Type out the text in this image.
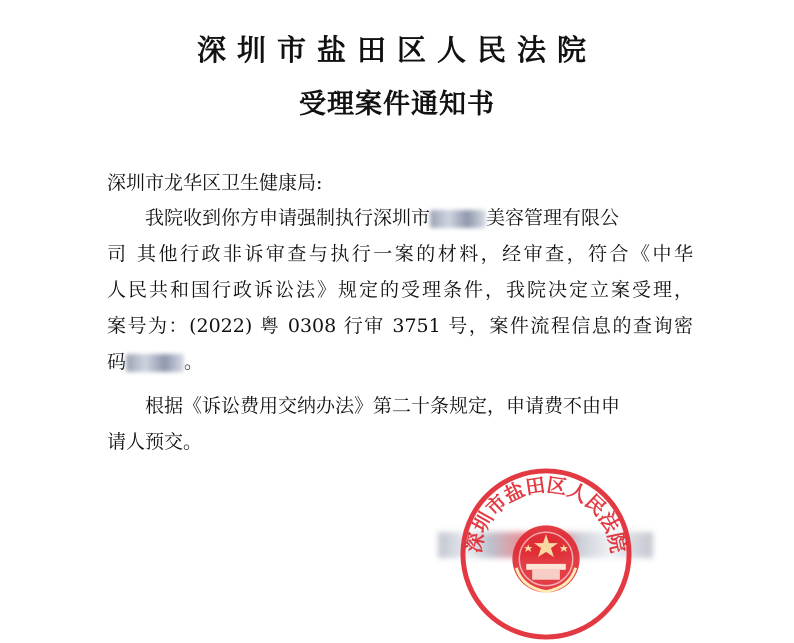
深圳市盐田区人民法院
受理案件通知书
深圳市龙华区卫生健康局:
我院收到你方申请强制执行深圳市	美容管理有限公
司 其他行政非诉审查与执行一案的材料，经审查，符合《中华
人民共和国行政诉讼法》规定的受理条件，我院决定立案受理，
案号为：(2022) 粤 0308 行审 3751 号，案件流程信息的查询密
码	。
根据《诉讼费用交纳办法》第二十条规定，申请费不由申
请人预交。
深圳市盐田区人民法院
